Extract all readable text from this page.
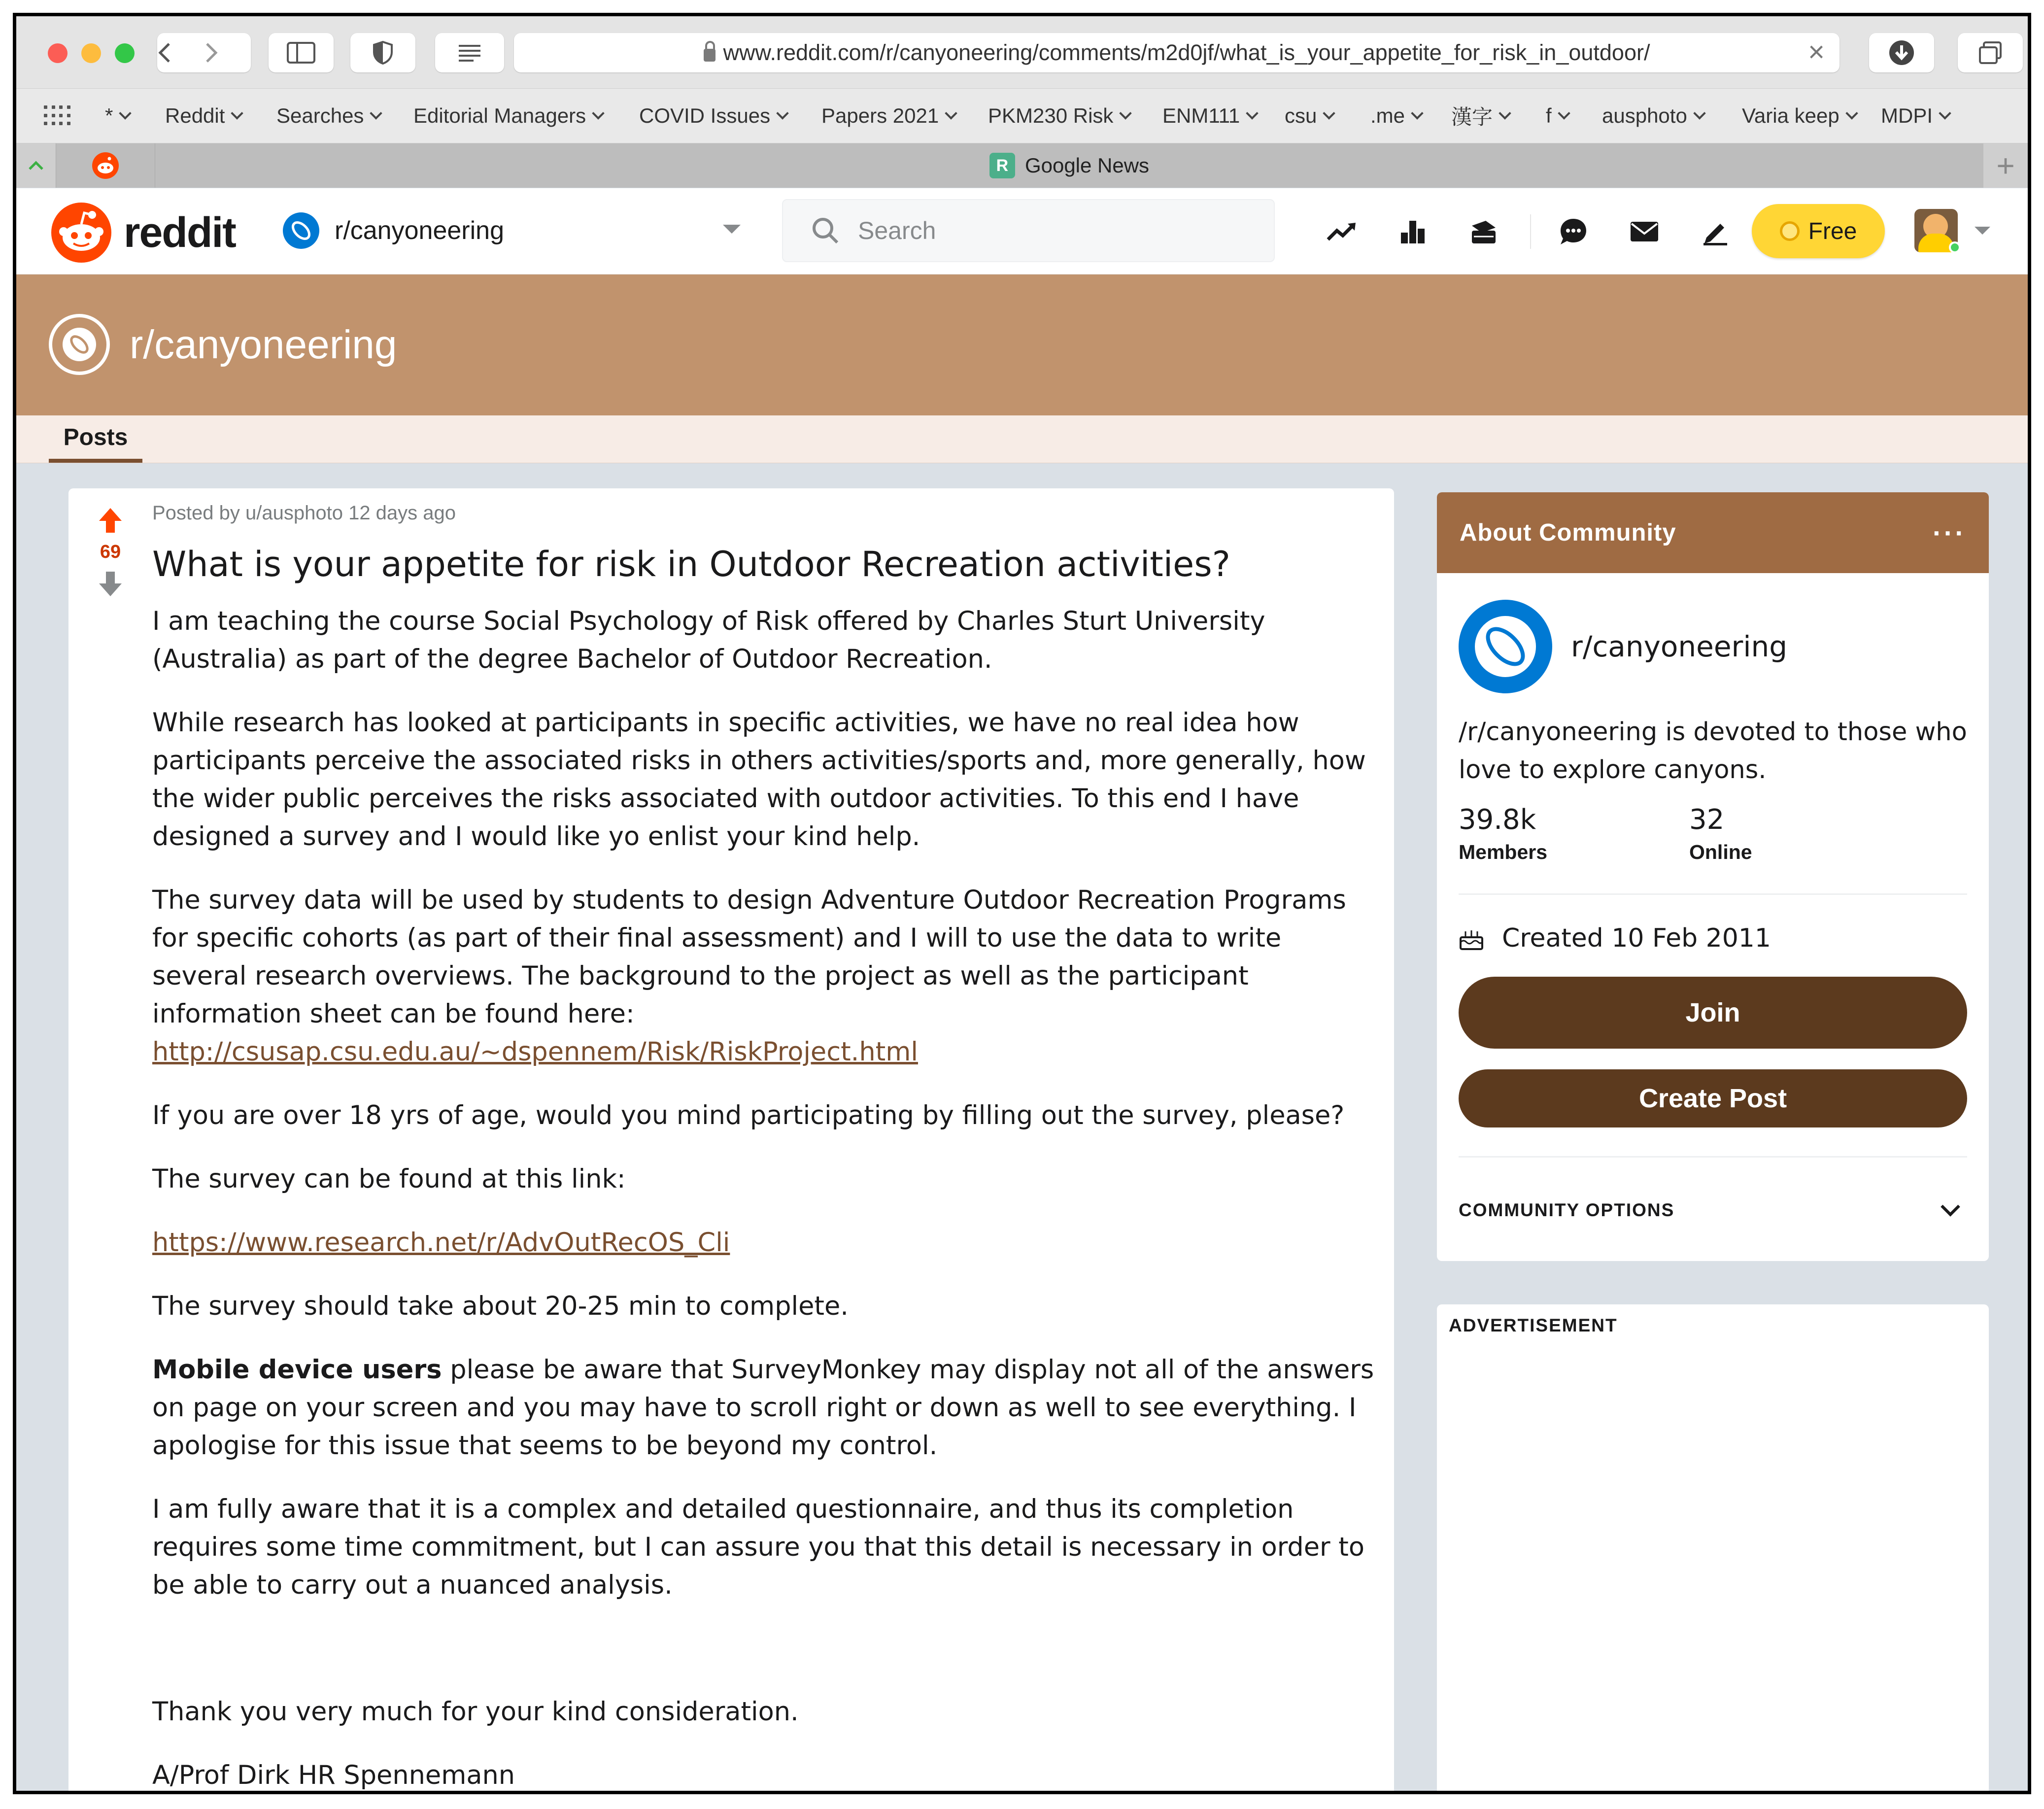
www.reddit.com/r/canyoneering/comments/m2d0jf/what_is_your_appetite_for_risk_in_outdoor/	×
*	Reddit Searches Editorial Managers	COVID Issues Papers 2021 PKM230 Risk ENM111 csu	.me 漢字	f ausphoto	Varia keep MDPI
R Google News	+
reddit	r/canyoneering	Search	Free
r/canyoneering
Posts
69
Posted by u/ausphoto 12 days ago
What is your appetite for risk in Outdoor Recreation activities?

I am teaching the course Social Psychology of Risk offered by Charles Sturt University (Australia) as part of the degree Bachelor of Outdoor Recreation.

While research has looked at participants in specific activities, we have no real idea how participants perceive the associated risks in others activities/sports and, more generally, how the wider public perceives the risks associated with outdoor activities. To this end I have designed a survey and I would like yo enlist your kind help.

The survey data will be used by students to design Adventure Outdoor Recreation Programs for specific cohorts (as part of their final assessment) and I will to use the data to write several research overviews. The background to the project as well as the participant information sheet can be found here: http://csusap.csu.edu.au/~dspennem/Risk/RiskProject.html

If you are over 18 yrs of age, would you mind participating by filling out the survey, please?

The survey can be found at this link:

https://www.research.net/r/AdvOutRecOS_Cli

The survey should take about 20-25 min to complete.

Mobile device users please be aware that SurveyMonkey may display not all of the answers on page on your screen and you may have to scroll right or down as well to see everything. I apologise for this issue that seems to be beyond my control.

I am fully aware that it is a complex and detailed questionnaire, and thus its completion requires some time commitment, but I can assure you that this detail is necessary in order to be able to carry out a nuanced analysis.

Thank you very much for your kind consideration.

A/Prof Dirk HR Spennemann

About Community	···
r/canyoneering
/r/canyoneering is devoted to those who love to explore canyons.
39.8k
Members
32
Online
Created 10 Feb 2011
Join
Create Post
COMMUNITY OPTIONS
ADVERTISEMENT
